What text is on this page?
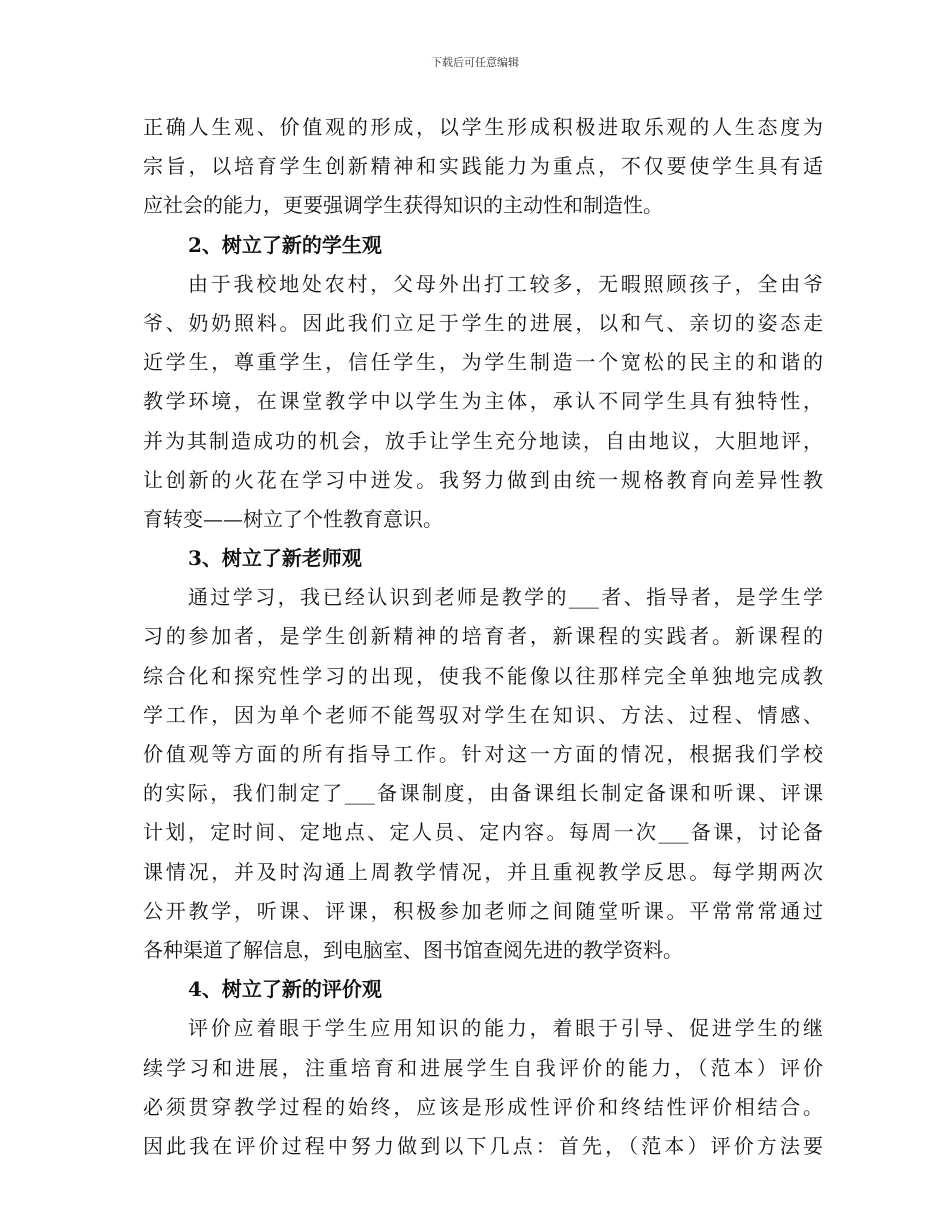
下载后可任意编辑
正确人生观、价值观的形成，以学生形成积极进取乐观的人生态度为
宗旨，以培育学生创新精神和实践能力为重点，不仅要使学生具有适
应社会的能力，更要强调学生获得知识的主动性和制造性。
2、树立了新的学生观
由于我校地处农村，父母外出打工较多，无暇照顾孩子，全由爷
爷、奶奶照料。因此我们立足于学生的进展，以和气、亲切的姿态走
近学生，尊重学生，信任学生，为学生制造一个宽松的民主的和谐的
教学环境，在课堂教学中以学生为主体，承认不同学生具有独特性，
并为其制造成功的机会，放手让学生充分地读，自由地议，大胆地评，
让创新的火花在学习中迸发。我努力做到由统一规格教育向差异性教
育转变——树立了个性教育意识。
3、树立了新老师观
通过学习，我已经认识到老师是教学的___者、指导者，是学生学
习的参加者，是学生创新精神的培育者，新课程的实践者。新课程的
综合化和探究性学习的出现，使我不能像以往那样完全单独地完成教
学工作，因为单个老师不能驾驭对学生在知识、方法、过程、情感、
价值观等方面的所有指导工作。针对这一方面的情况，根据我们学校
的实际，我们制定了___备课制度，由备课组长制定备课和听课、评课
计划，定时间、定地点、定人员、定内容。每周一次___备课，讨论备
课情况，并及时沟通上周教学情况，并且重视教学反思。每学期两次
公开教学，听课、评课，积极参加老师之间随堂听课。平常常常通过
各种渠道了解信息，到电脑室、图书馆查阅先进的教学资料。
4、树立了新的评价观
评价应着眼于学生应用知识的能力，着眼于引导、促进学生的继
续学习和进展，注重培育和进展学生自我评价的能力，（范本）评价
必须贯穿教学过程的始终，应该是形成性评价和终结性评价相结合。
因此我在评价过程中努力做到以下几点：首先，（范本）评价方法要
